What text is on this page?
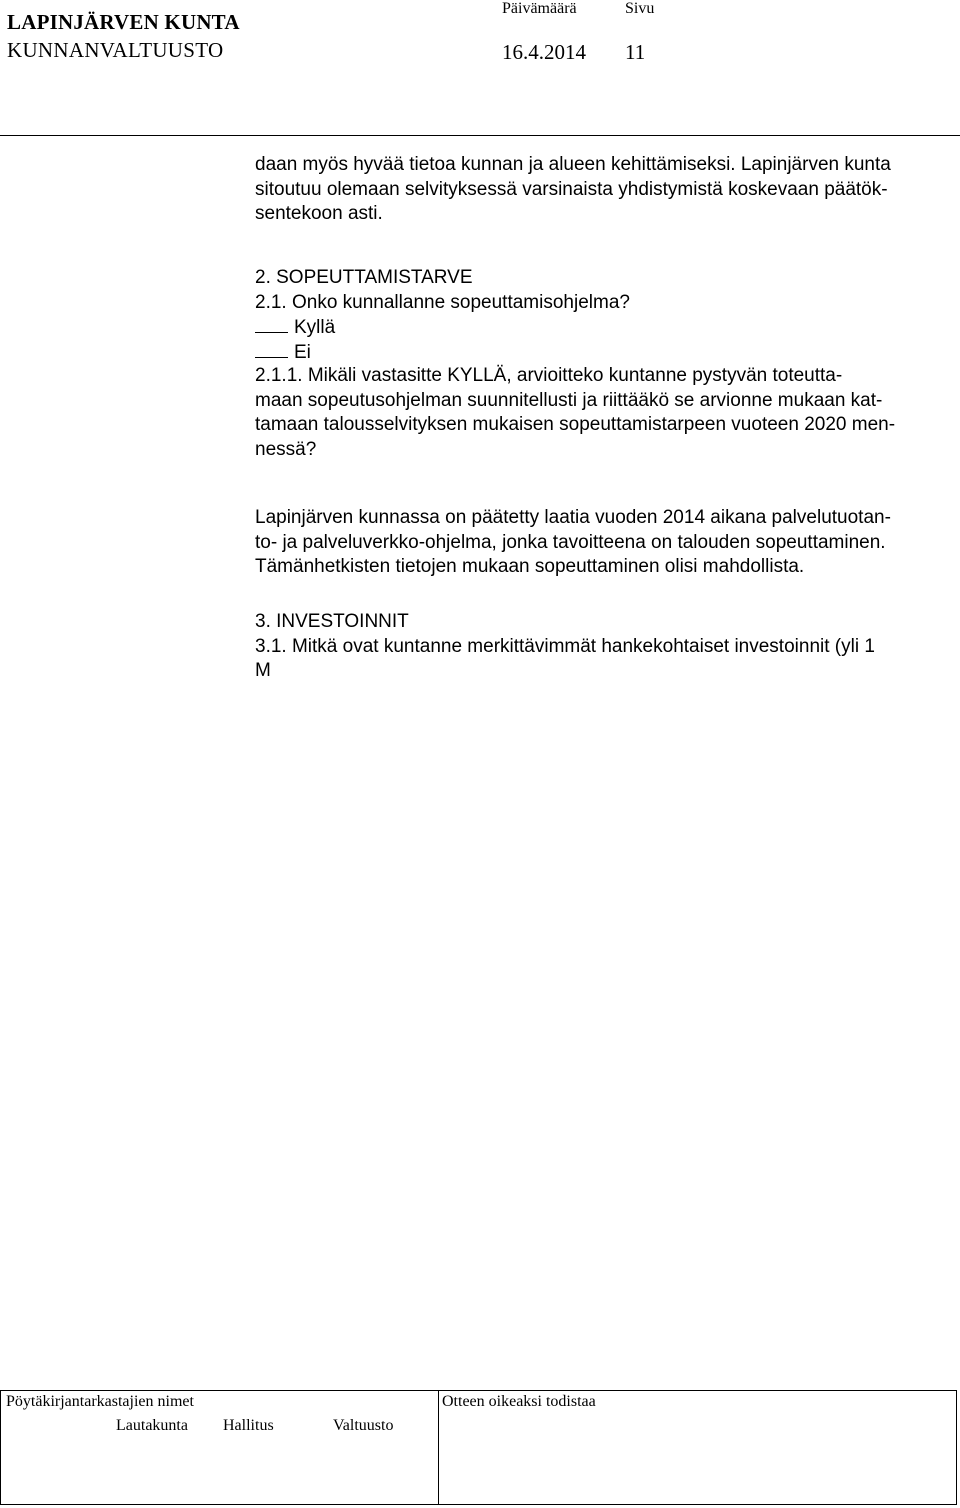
LAPINJÄRVEN KUNTA
KUNNANVALTUUSTO
Päivämäärä	Sivu
16.4.2014 11
daan myös hyvää tietoa kunnan ja alueen kehittämiseksi. Lapinjärven kunta
sitoutuu olemaan selvityksessä varsinaista yhdistymistä koskevaan päätök-
sentekoon asti.
2. SOPEUTTAMISTARVE
2.1. Onko kunnallanne sopeuttamisohjelma?
Kyllä
Ei
2.1.1. Mikäli vastasitte KYLLÄ, arvioitteko kuntanne pystyvän toteutta-
maan sopeutusohjelman suunnitellusti ja riittääkö se arvionne mukaan kat-
tamaan talousselvityksen mukaisen sopeuttamistarpeen vuoteen 2020 men-
nessä?
Lapinjärven kunnassa on päätetty laatia vuoden 2014 aikana palvelutuotan-
to- ja palveluverkko-ohjelma, jonka tavoitteena on talouden sopeuttaminen.
Tämänhetkisten tietojen mukaan sopeuttaminen olisi mahdollista.
3. INVESTOINNIT
3.1. Mitkä ovat kuntanne merkittävimmät hankekohtaiset investoinnit (yli 1
M
Pöytäkirjantarkastajien nimet
Lautakunta Hallitus	Valtuusto
Otteen oikeaksi todistaa
